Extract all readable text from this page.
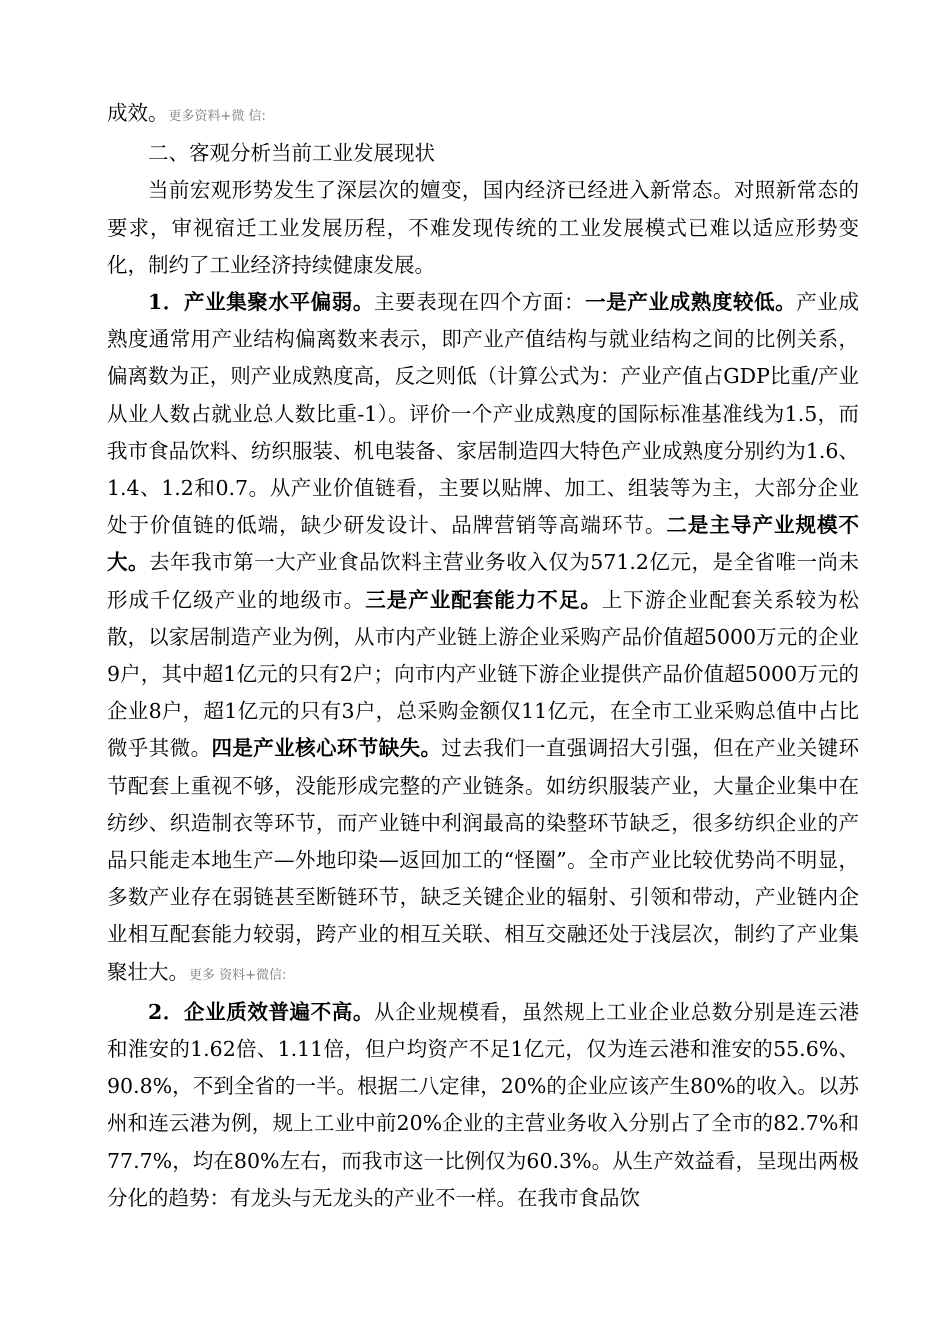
成效。更多资料+微 信:

二、客观分析当前工业发展现状

当前宏观形势发生了深层次的嬗变，国内经济已经进入新常态。对照新常态的要求，审视宿迁工业发展历程，不难发现传统的工业发展模式已难以适应形势变化，制约了工业经济持续健康发展。

1．产业集聚水平偏弱。主要表现在四个方面：一是产业成熟度较低。产业成熟度通常用产业结构偏离数来表示，即产业产值结构与就业结构之间的比例关系，偏离数为正，则产业成熟度高，反之则低（计算公式为：产业产值占GDP比重/产业从业人数占就业总人数比重-1）。评价一个产业成熟度的国际标准基准线为1.5，而我市食品饮料、纺织服装、机电装备、家居制造四大特色产业成熟度分别约为1.6、1.4、1.2和0.7。从产业价值链看，主要以贴牌、加工、组装等为主，大部分企业处于价值链的低端，缺少研发设计、品牌营销等高端环节。二是主导产业规模不大。去年我市第一大产业食品饮料主营业务收入仅为571.2亿元，是全省唯一尚未形成千亿级产业的地级市。三是产业配套能力不足。上下游企业配套关系较为松散，以家居制造产业为例，从市内产业链上游企业采购产品价值超5000万元的企业9户，其中超1亿元的只有2户；向市内产业链下游企业提供产品价值超5000万元的企业8户，超1亿元的只有3户，总采购金额仅11亿元，在全市工业采购总值中占比微乎其微。四是产业核心环节缺失。过去我们一直强调招大引强，但在产业关键环节配套上重视不够，没能形成完整的产业链条。如纺织服装产业，大量企业集中在纺纱、织造制衣等环节，而产业链中利润最高的染整环节缺乏，很多纺织企业的产品只能走本地生产—外地印染—返回加工的“怪圈”。全市产业比较优势尚不明显，多数产业存在弱链甚至断链环节，缺乏关键企业的辐射、引领和带动，产业链内企业相互配套能力较弱，跨产业的相互关联、相互交融还处于浅层次，制约了产业集聚壮大。更多 资料+微信:

2．企业质效普遍不高。从企业规模看，虽然规上工业企业总数分别是连云港和淮安的1.62倍、1.11倍，但户均资产不足1亿元，仅为连云港和淮安的55.6%、90.8%，不到全省的一半。根据二八定律，20%的企业应该产生80%的收入。以苏州和连云港为例，规上工业中前20%企业的主营业务收入分别占了全市的82.7%和77.7%，均在80%左右，而我市这一比例仅为60.3%。从生产效益看，呈现出两极分化的趋势：有龙头与无龙头的产业不一样。在我市食品饮
